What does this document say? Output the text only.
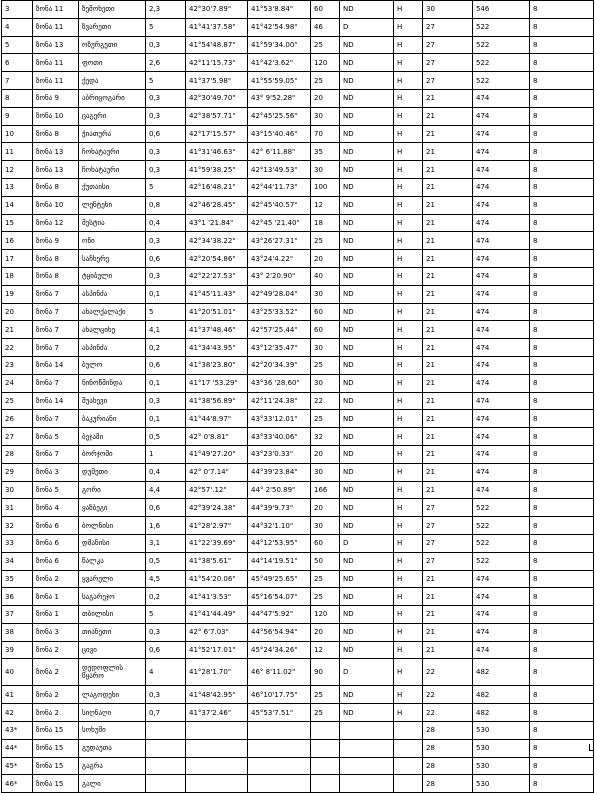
3	ზონა 11	ზემოხეთი	2,3	42°30'7.89"	41°53'8.84"	60	ND	H	30	546	8
4	ზონა 11	ზვარეთი	5	41°41'37.58"	41°42'54.98"	46	D	H	27	522	8
5	ზონა 13	ოზურგეთი	0,3	41°54'48.87"	41°59'34.00"	25	ND	H	27	522	8
6	ზონა 11	ფოთი	2,6	42°11'15.73"	41°42'3.62"	120	ND	H	27	522	8
7	ზონა 11	ქედა	5	41°37'5.98"	41°55'59.05"	25	ND	H	27	522	8
8	ზონა 9	აბრიცოგარი	0,3	42°30'49.70"	43° 9'52.28"	20	ND	H	21	474	8
9	ზონა 10	ცაგერი	0,3	42°38'57.71"	42°45'25.56"	30	ND	H	21	474	8
10	ზონა 8	ჭიათურა	0,6	42°17'15.57"	43°15'40.46"	70	ND	H	21	474	8
11	ზონა 13	ჩოხატაური	0,3	41°31'46.63"	42° 6'11.88"	35	ND	H	21	474	8
12	ზონა 13	ჩოხატაური	0,3	41°59'38.25"	42°13'49.53"	30	ND	H	21	474	8
13	ზონა 8	ქუთაისი	5	42°16'48.21"	42°44'11.73"	100	ND	H	21	474	8
14	ზონა 10	ლენტეხი	0,8	42°46'28.45"	42°45'40.57"	12	ND	H	21	474	8
15	ზონა 12	მესტია	0,4	43°1 '21.84"	42°45 '21.40"	18	ND	H	21	474	8
16	ზონა 9	ონი	0,3	42°34'38.22"	43°26'27.31"	25	ND	H	21	474	8
17	ზონა 8	საჩხერე	0,6	42°20'54.86"	43°24'4.22"	20	ND	H	21	474	8
18	ზონა 8	ტყიბული	0,3	42°22'27.53"	43° 2'20.90"	40	ND	H	21	474	8
19	ზონა 7	ასპინძა	0,1	41°45'11.43"	42°49'28.04"	30	ND	H	21	474	8
20	ზონა 7	ახალქალაქი	5	41°20'51.01"	43°25'33.52"	60	ND	H	21	474	8
21	ზონა 7	ახალციხე	4,1	41°37'48.46"	42°57'25.44"	60	ND	H	21	474	8
22	ზონა 7	ასპინძა	0,2	41°34'43.95"	43°12'35.47"	30	ND	H	21	474	8
23	ზონა 14	ბულო	0,6	41°38'23.80"	42°20'34.39"	25	ND	H	21	474	8
24	ზონა 7	ნინოწმინდა	0,1	41°17 '53.29"	43°36 '28.60"	30	ND	H	21	474	8
25	ზონა 14	შუახევი	0,3	41°38'56.89"	42°11'24.38"	22	ND	H	21	474	8
26	ზონა 7	ბაკურიანი	0,1	41°44'8.97"	43°33'12.01"	25	ND	H	21	474	8
27	ზონა 5	ბეჯამი	0,5	42° 0'8.81"	43°33'40.06"	32	ND	H	21	474	8
28	ზონა 7	ბორჯომი	1	41°49'27.20"	43°23'0.33"	20	ND	H	21	474	8
29	ზონა 3	დუშეთი	0,4	42° 0'7.14"	44°39'23.84"	30	ND	H	21	474	8
30	ზონა 5	გორი	4,4	42°57'.12"	44° 2'50.89"	166	ND	H	21	474	8
31	ზონა 4	ყაზბეგი	0,6	42°39'24.38"	44°39'9.73"	20	ND	H	27	522	8
32	ზონა 6	ბოლნისი	1,6	41°28'2.97"	44°32'1.10"	30	ND	H	27	522	8
33	ზონა 6	დმანისი	3,1	41°22'39.69"	44°12'53.95"	60	D	H	27	522	8
34	ზონა 6	წალკა	0,5	41°38'5.61"	44°14'19.51"	50	ND	H	27	522	8
35	ზონა 2	ყვარელი	4,5	41°54'20.06"	45°49'25.65"	25	ND	H	21	474	8
36	ზონა 1	საგარეჯო	0,2	41°41'3.53"	45°16'54.07"	25	ND	H	21	474	8
37	ზონა 1	თბილისი	5	41°41'44.49"	44°47'5.92"	120	ND	H	21	474	8
38	ზონა 3	თიანეთი	0,3	42° 6'7.03"	44°56'54.94"	20	ND	H	21	474	8
39	ზონა 2	ცივი	0,6	41°52'17.01"	45°24'34.26"	12	ND	H	21	474	8
40	ზონა 2	დედოფლის წყარო	4	41°28'1.70"	46° 8'11.02"	90	D	H	22	482	8
41	ზონა 2	ლაგოდეხი	0,3	41°48'42.95"	46°10'17.75"	25	ND	H	22	482	8
42	ზონა 2	სიღნაღი	0,7	41°37'2.46"	45°53'7.51"	25	ND	H	22	482	8
43*	ზონა 15	სოხუმი							28	530	8
44*	ზონა 15	გუდაუთა							28	530	8
45*	ზონა 15	გაგრა							28	530	8
46*	ზონა 15	გალი							28	530	8
